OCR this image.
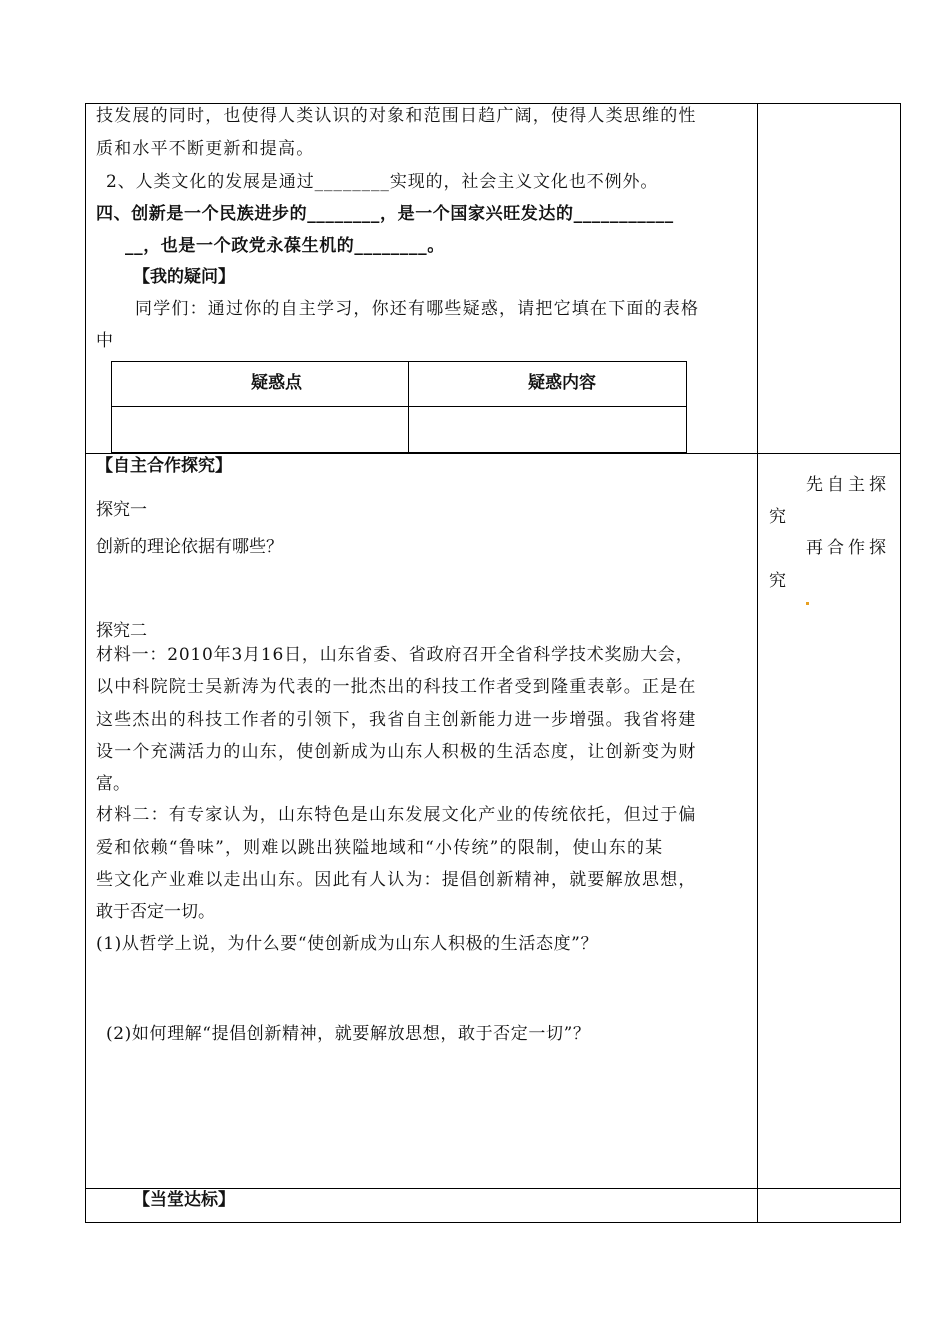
技发展的同时，也使得人类认识的对象和范围日趋广阔，使得人类思维的性
质和水平不断更新和提高。
2、人类文化的发展是通过________实现的，社会主义文化也不例外。
四、创新是一个民族进步的________，是一个国家兴旺发达的___________
__，也是一个政党永葆生机的________。
【我的疑问】
同学们：通过你的自主学习，你还有哪些疑惑，请把它填在下面的表格
中
疑惑点	疑惑内容
【自主合作探究】
探究一
创新的理论依据有哪些？
探究二
材料一：2010年3月16日，山东省委、省政府召开全省科学技术奖励大会，
以中科院院士吴新涛为代表的一批杰出的科技工作者受到隆重表彰。正是在
这些杰出的科技工作者的引领下，我省自主创新能力进一步增强。我省将建
设一个充满活力的山东，使创新成为山东人积极的生活态度，让创新变为财
富。
材料二：有专家认为，山东特色是山东发展文化产业的传统依托，但过于偏
爱和依赖“鲁味”，则难以跳出狭隘地域和“小传统”的限制，使山东的某
些文化产业难以走出山东。因此有人认为：提倡创新精神，就要解放思想，
敢于否定一切。
(1)从哲学上说，为什么要“使创新成为山东人积极的生活态度”？
(2)如何理解“提倡创新精神，就要解放思想，敢于否定一切”？
先自主探
究
再合作探
究
【当堂达标】
